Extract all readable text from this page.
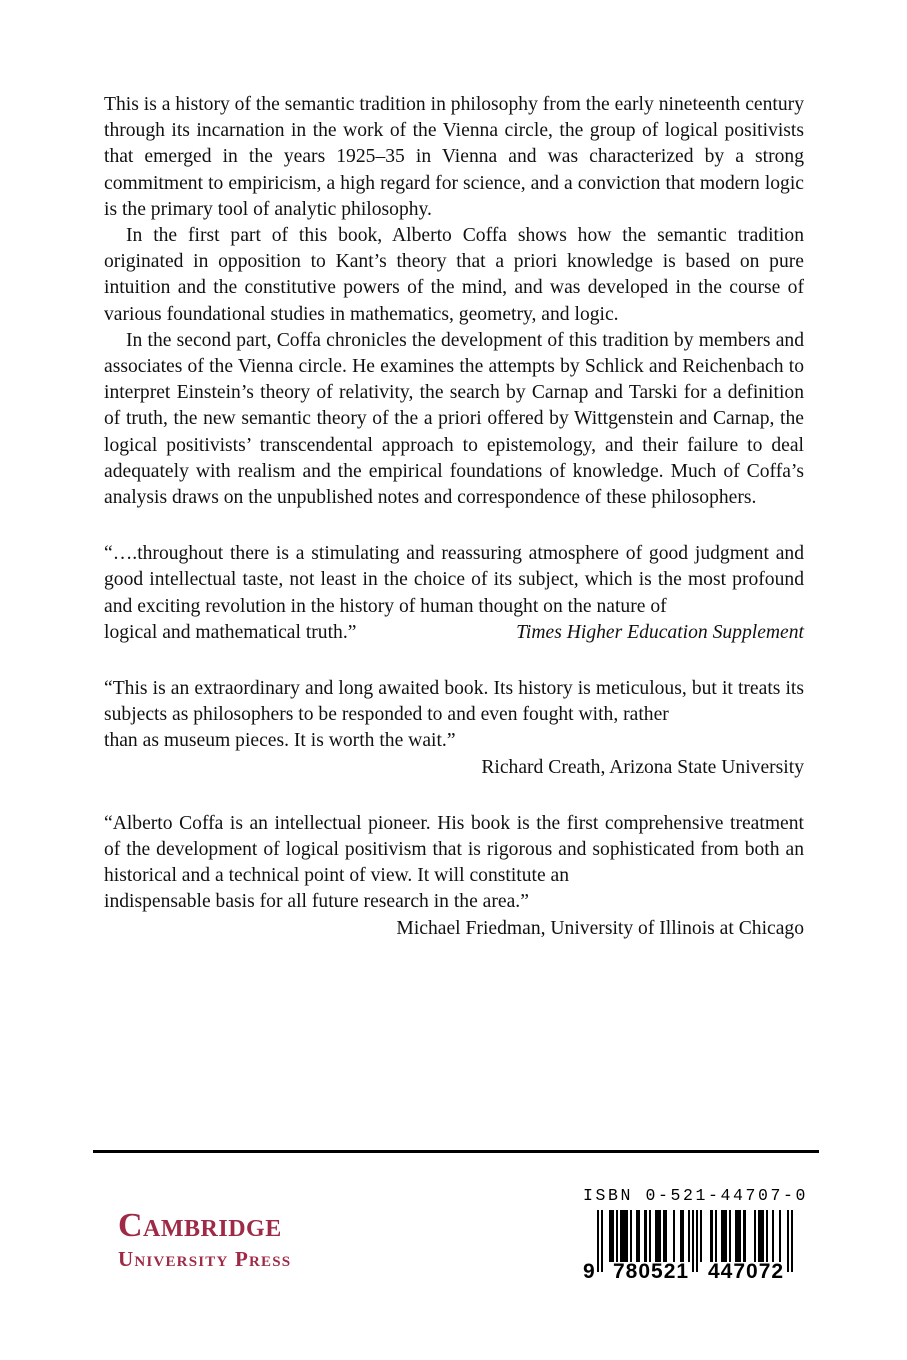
This is a history of the semantic tradition in philosophy from the early nineteenth century through its incarnation in the work of the Vienna circle, the group of logical positivists that emerged in the years 1925–35 in Vienna and was characterized by a strong commitment to empiricism, a high regard for science, and a conviction that modern logic is the primary tool of analytic philosophy.

In the first part of this book, Alberto Coffa shows how the semantic tradition originated in opposition to Kant’s theory that a priori knowledge is based on pure intuition and the constitutive powers of the mind, and was developed in the course of various foundational studies in mathematics, geometry, and logic.

In the second part, Coffa chronicles the development of this tradition by members and associates of the Vienna circle. He examines the attempts by Schlick and Reichenbach to interpret Einstein’s theory of relativity, the search by Carnap and Tarski for a definition of truth, the new semantic theory of the a priori offered by Wittgenstein and Carnap, the logical positivists’ transcendental approach to epistemology, and their failure to deal adequately with realism and the empirical foundations of knowledge. Much of Coffa’s analysis draws on the unpublished notes and correspondence of these philosophers.

“….throughout there is a stimulating and reassuring atmosphere of good judgment and good intellectual taste, not least in the choice of its subject, which is the most profound and exciting revolution in the history of human thought on the nature of

logical and mathematical truth.”	Times Higher Education Supplement

“This is an extraordinary and long awaited book. Its history is meticulous, but it treats its subjects as philosophers to be responded to and even fought with, rather

than as museum pieces. It is worth the wait.”

Richard Creath, Arizona State University

“Alberto Coffa is an intellectual pioneer. His book is the first comprehensive treatment of the development of logical positivism that is rigorous and sophisticated from both an historical and a technical point of view. It will constitute an

indispensable basis for all future research in the area.”

Michael Friedman, University of Illinois at Chicago

Cambridge
University Press
ISBN 0-521-44707-0
9 780521 447072
